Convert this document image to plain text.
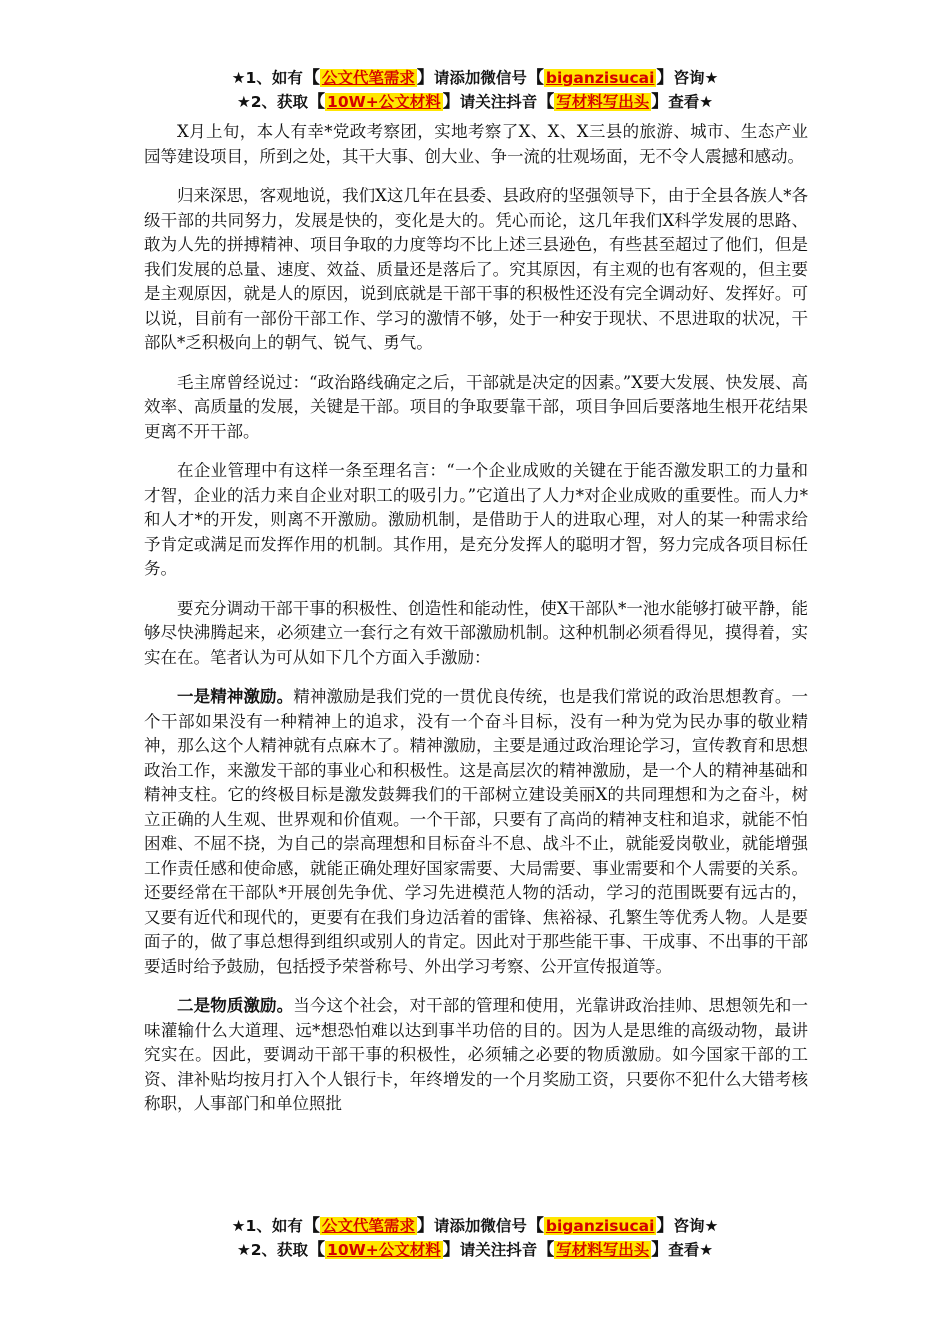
★1、如有【 公文代笔需求 】请添加微信号【 biganzisucai 】咨询★
★2、获取【 10W+公文材料 】请关注抖音【 写材料写出头 】查看★

X月上旬，本人有幸*党政考察团，实地考察了X、X、X三县的旅游、城市、生态产业园等建设项目，所到之处，其干大事、创大业、争一流的壮观场面，无不令人震撼和感动。

归来深思，客观地说，我们X这几年在县委、县政府的坚强领导下，由于全县各族人*各级干部的共同努力，发展是快的，变化是大的。凭心而论，这几年我们X科学发展的思路、敢为人先的拼搏精神、项目争取的力度等均不比上述三县逊色，有些甚至超过了他们，但是我们发展的总量、速度、效益、质量还是落后了。究其原因，有主观的也有客观的，但主要是主观原因，就是人的原因，说到底就是干部干事的积极性还没有完全调动好、发挥好。可以说，目前有一部份干部工作、学习的激情不够，处于一种安于现状、不思进取的状况，干部队*乏积极向上的朝气、锐气、勇气。

毛主席曾经说过：“政治路线确定之后，干部就是决定的因素。”X要大发展、快发展、高效率、高质量的发展，关键是干部。项目的争取要靠干部，项目争回后要落地生根开花结果更离不开干部。

在企业管理中有这样一条至理名言：“一个企业成败的关键在于能否激发职工的力量和才智，企业的活力来自企业对职工的吸引力。”它道出了人力*对企业成败的重要性。而人力*和人才*的开发，则离不开激励。激励机制，是借助于人的进取心理，对人的某一种需求给予肯定或满足而发挥作用的机制。其作用，是充分发挥人的聪明才智，努力完成各项目标任务。

要充分调动干部干事的积极性、创造性和能动性，使X干部队*一池水能够打破平静，能够尽快沸腾起来，必须建立一套行之有效干部激励机制。这种机制必须看得见，摸得着，实实在在。笔者认为可从如下几个方面入手激励：

一是精神激励。精神激励是我们党的一贯优良传统，也是我们常说的政治思想教育。一个干部如果没有一种精神上的追求，没有一个奋斗目标，没有一种为党为民办事的敬业精神，那么这个人精神就有点麻木了。精神激励，主要是通过政治理论学习，宣传教育和思想政治工作，来激发干部的事业心和积极性。这是高层次的精神激励，是一个人的精神基础和精神支柱。它的终极目标是激发鼓舞我们的干部树立建设美丽X的共同理想和为之奋斗，树立正确的人生观、世界观和价值观。一个干部，只要有了高尚的精神支柱和追求，就能不怕困难、不屈不挠，为自己的崇高理想和目标奋斗不息、战斗不止，就能爱岗敬业，就能增强工作责任感和使命感，就能正确处理好国家需要、大局需要、事业需要和个人需要的关系。还要经常在干部队*开展创先争优、学习先进模范人物的活动，学习的范围既要有远古的，又要有近代和现代的，更要有在我们身边活着的雷锋、焦裕禄、孔繁生等优秀人物。人是要面子的，做了事总想得到组织或别人的肯定。因此对于那些能干事、干成事、不出事的干部要适时给予鼓励，包括授予荣誉称号、外出学习考察、公开宣传报道等。

二是物质激励。当今这个社会，对干部的管理和使用，光靠讲政治挂帅、思想领先和一味灌输什么大道理、远*想恐怕难以达到事半功倍的目的。因为人是思维的高级动物，最讲究实在。因此，要调动干部干事的积极性，必须辅之必要的物质激励。如今国家干部的工资、津补贴均按月打入个人银行卡，年终增发的一个月奖励工资，只要你不犯什么大错考核称职，人事部门和单位照批

★1、如有【 公文代笔需求 】请添加微信号【 biganzisucai 】咨询★
★2、获取【 10W+公文材料 】请关注抖音【 写材料写出头 】查看★
